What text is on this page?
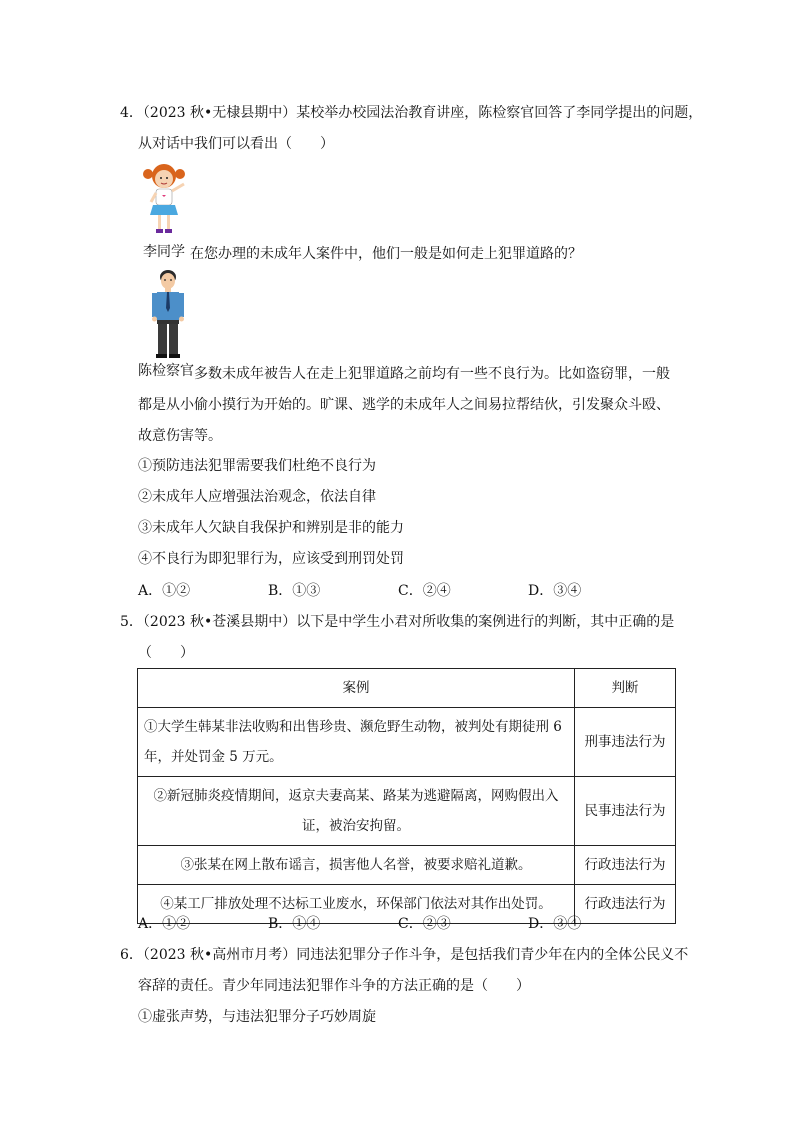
4．（2023 秋•无棣县期中）某校举办校园法治教育讲座，陈检察官回答了李同学提出的问题，
从对话中我们可以看出（　　）
李同学 在您办理的未成年人案件中，他们一般是如何走上犯罪道路的？
陈检察官 多数未成年被告人在走上犯罪道路之前均有一些不良行为。比如盗窃罪，一般
都是从小偷小摸行为开始的。旷课、逃学的未成年人之间易拉帮结伙，引发聚众斗殴、
故意伤害等。
①预防违法犯罪需要我们杜绝不良行为
②未成年人应增强法治观念，依法自律
③未成年人欠缺自我保护和辨别是非的能力
④不良行为即犯罪行为，应该受到刑罚处罚
A．①②	B．①③	C．②④	D．③④
5．（2023 秋•苍溪县期中）以下是中学生小君对所收集的案例进行的判断，其中正确的是
（　　）
案例	判断
①大学生韩某非法收购和出售珍贵、濒危野生动物，被判处有期徒刑 6 年，并处罚金 5 万元。	刑事违法行为
②新冠肺炎疫情期间，返京夫妻高某、路某为逃避隔离，网购假出入证，被治安拘留。	民事违法行为
③张某在网上散布谣言，损害他人名誉，被要求赔礼道歉。	行政违法行为
④某工厂排放处理不达标工业废水，环保部门依法对其作出处罚。	行政违法行为
A．①②	B．①④	C．②③	D．③④
6．（2023 秋•高州市月考）同违法犯罪分子作斗争，是包括我们青少年在内的全体公民义不
容辞的责任。青少年同违法犯罪作斗争的方法正确的是（　　）
①虚张声势，与违法犯罪分子巧妙周旋
